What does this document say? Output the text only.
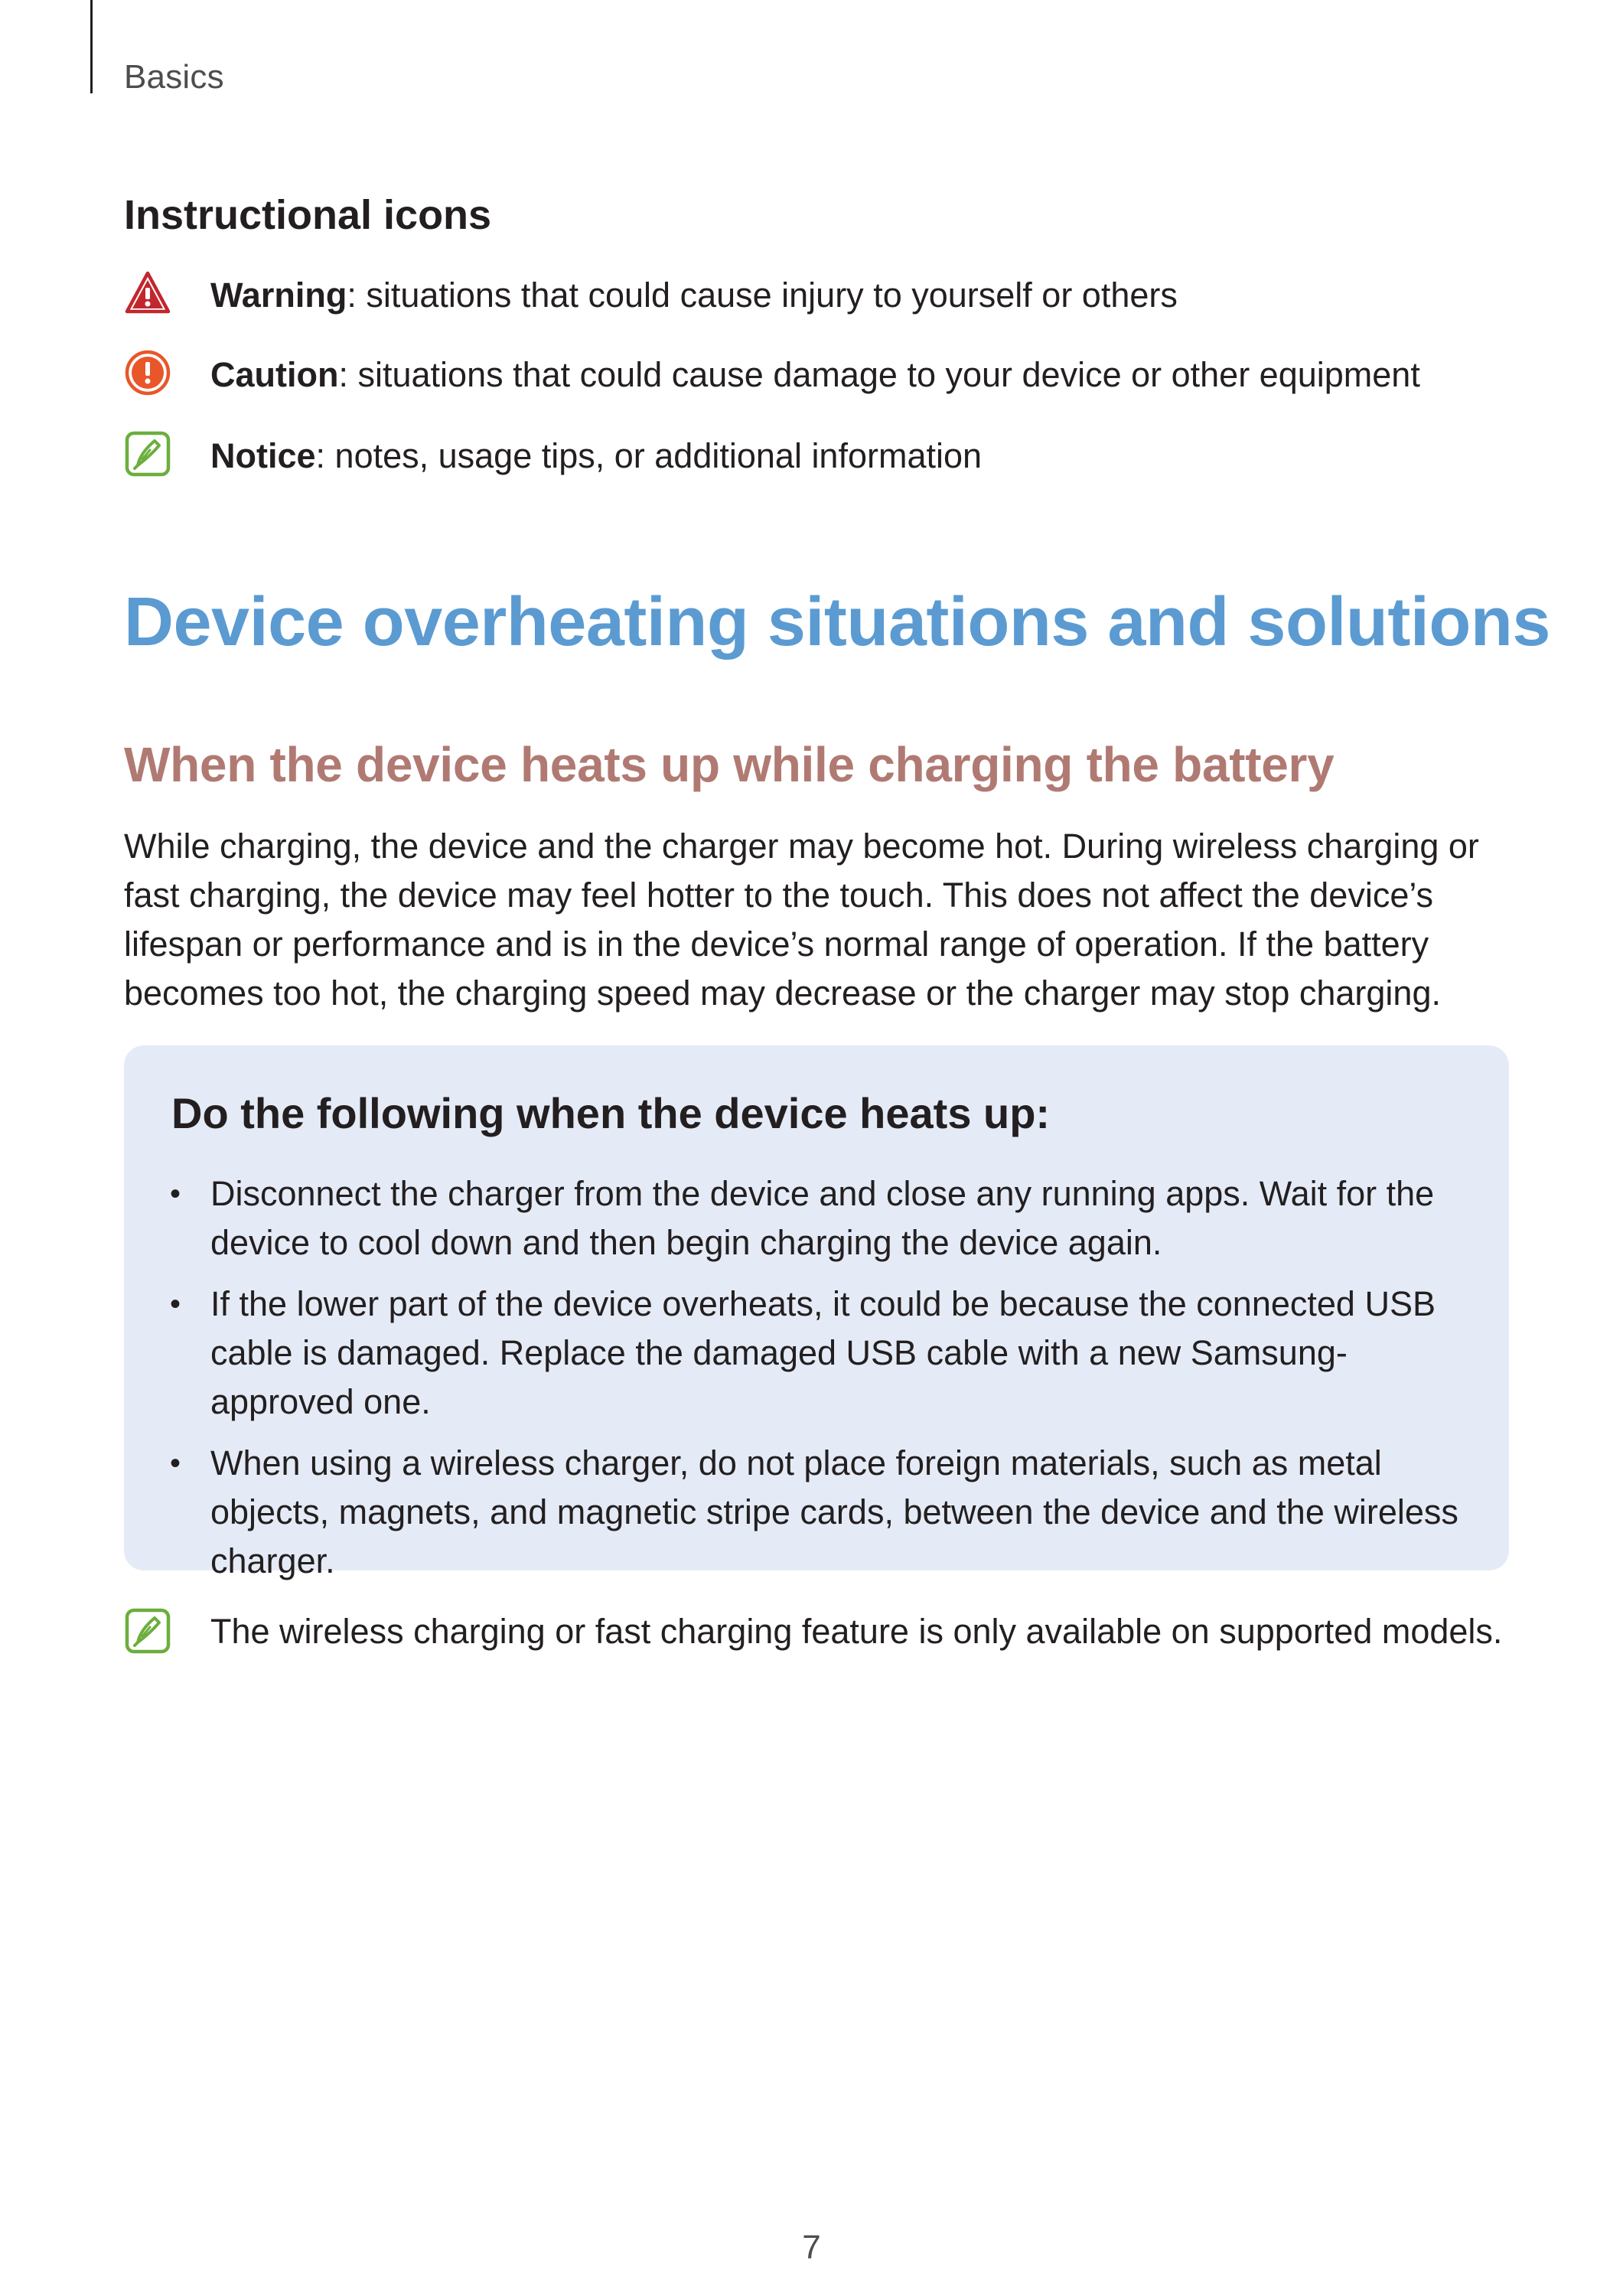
Basics
Instructional icons
Warning: situations that could cause injury to yourself or others
Caution: situations that could cause damage to your device or other equipment
Notice: notes, usage tips, or additional information
Device overheating situations and solutions
When the device heats up while charging the battery
While charging, the device and the charger may become hot. During wireless charging or fast charging, the device may feel hotter to the touch. This does not affect the device’s lifespan or performance and is in the device’s normal range of operation. If the battery becomes too hot, the charging speed may decrease or the charger may stop charging.
Do the following when the device heats up:
• Disconnect the charger from the device and close any running apps. Wait for the device to cool down and then begin charging the device again.
• If the lower part of the device overheats, it could be because the connected USB cable is damaged. Replace the damaged USB cable with a new Samsung-approved one.
• When using a wireless charger, do not place foreign materials, such as metal objects, magnets, and magnetic stripe cards, between the device and the wireless charger.
The wireless charging or fast charging feature is only available on supported models.
7
